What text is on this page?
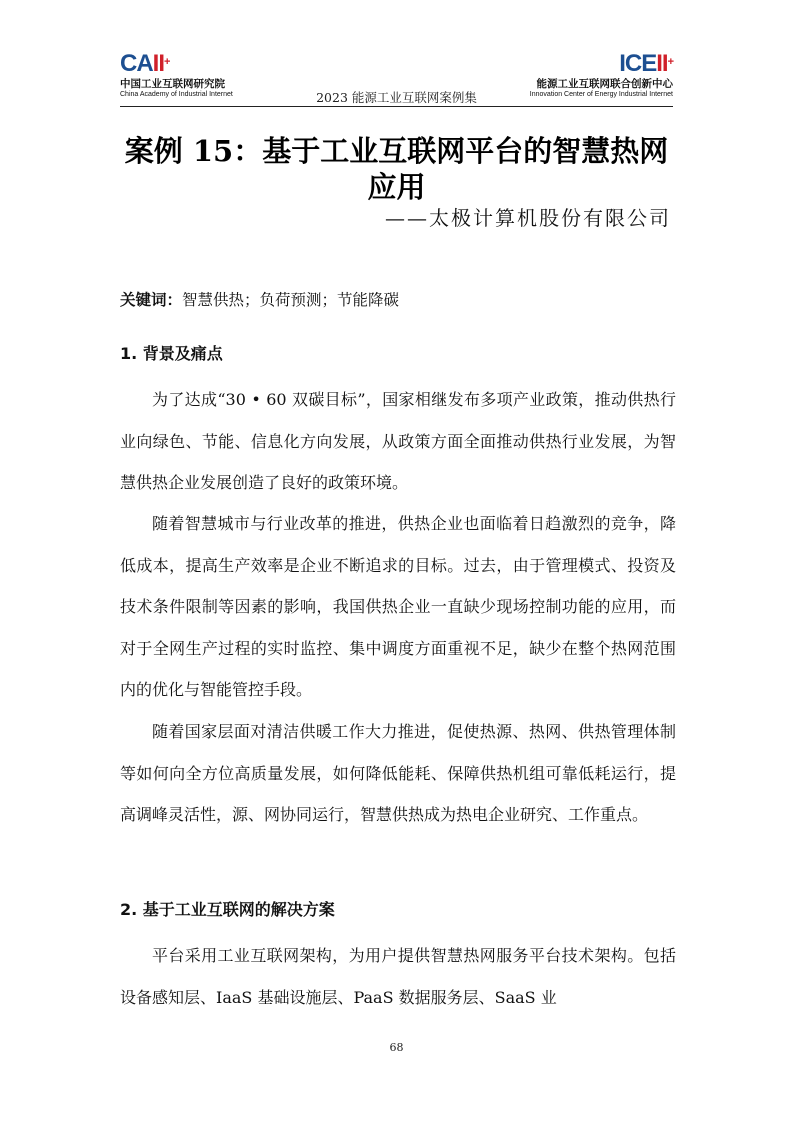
CAII+
中国工业互联网研究院
China Academy of Industrial Internet	2023 能源工业互联网案例集
ICEII+
能源工业互联网联合创新中心
Innovation Center of Energy Industrial Internet
案例 15：基于工业互联网平台的智慧热网应用
——太极计算机股份有限公司
关键词：智慧供热；负荷预测；节能降碳
1. 背景及痛点

为了达成“30 • 60 双碳目标”，国家相继发布多项产业政策，推动供热行业向绿色、节能、信息化方向发展，从政策方面全面推动供热行业发展，为智慧供热企业发展创造了良好的政策环境。

随着智慧城市与行业改革的推进，供热企业也面临着日趋激烈的竞争，降低成本，提高生产效率是企业不断追求的目标。过去，由于管理模式、投资及技术条件限制等因素的影响，我国供热企业一直缺少现场控制功能的应用，而对于全网生产过程的实时监控、集中调度方面重视不足，缺少在整个热网范围内的优化与智能管控手段。

随着国家层面对清洁供暖工作大力推进，促使热源、热网、供热管理体制等如何向全方位高质量发展，如何降低能耗、保障供热机组可靠低耗运行，提高调峰灵活性，源、网协同运行，智慧供热成为热电企业研究、工作重点。

2. 基于工业互联网的解决方案

平台采用工业互联网架构，为用户提供智慧热网服务平台技术架构。包括设备感知层、IaaS 基础设施层、PaaS 数据服务层、SaaS 业

68
